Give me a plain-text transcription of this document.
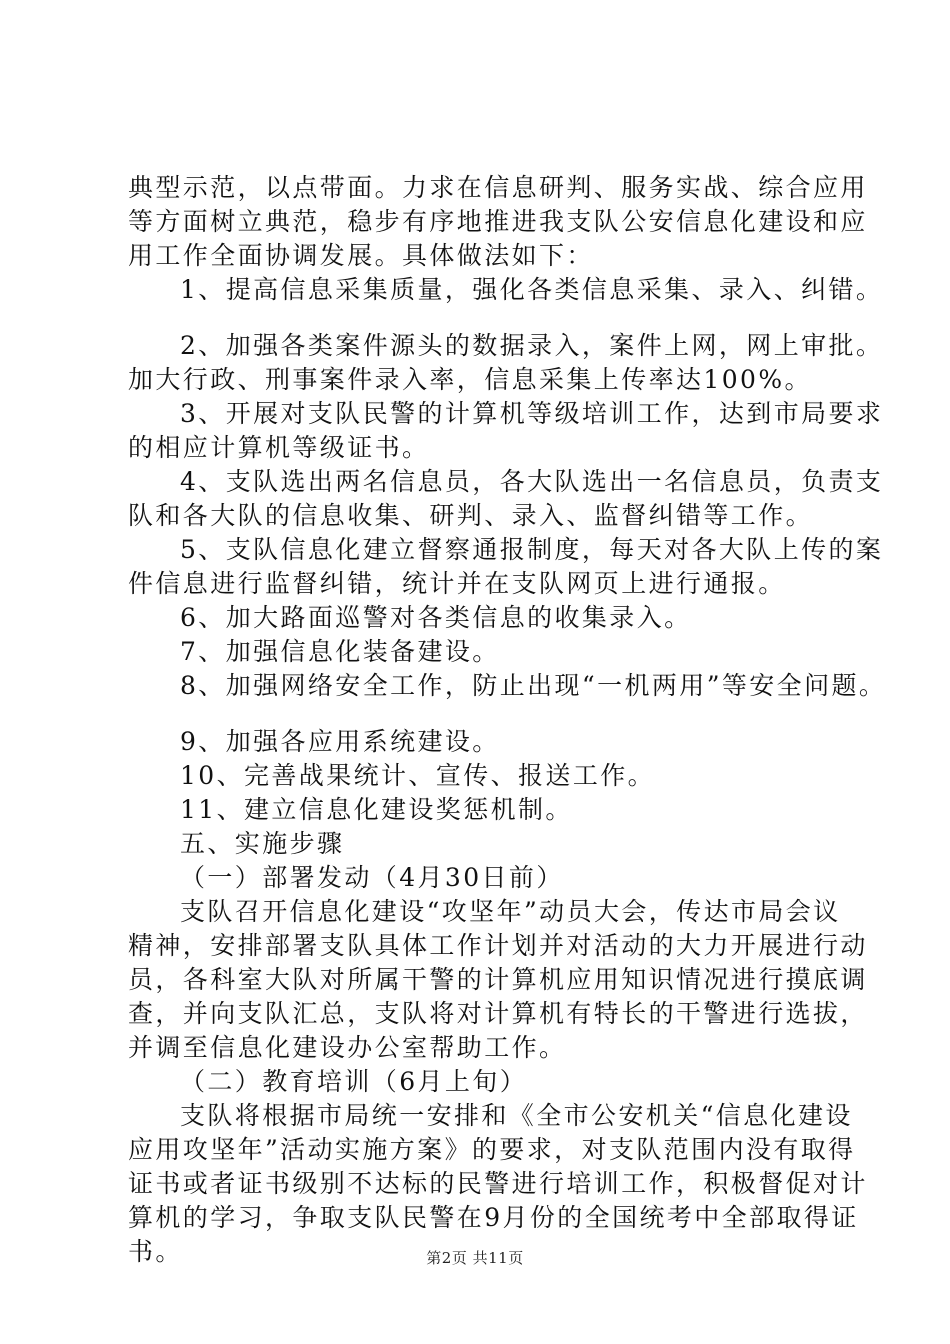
典型示范，以点带面。力求在信息研判、服务实战、综合应用
等方面树立典范，稳步有序地推进我支队公安信息化建设和应
用工作全面协调发展。具体做法如下：
1、提高信息采集质量，强化各类信息采集、录入、纠错。
2、加强各类案件源头的数据录入，案件上网，网上审批。
加大行政、刑事案件录入率，信息采集上传率达100%。
3、开展对支队民警的计算机等级培训工作，达到市局要求
的相应计算机等级证书。
4、支队选出两名信息员，各大队选出一名信息员，负责支
队和各大队的信息收集、研判、录入、监督纠错等工作。
5、支队信息化建立督察通报制度，每天对各大队上传的案
件信息进行监督纠错，统计并在支队网页上进行通报。
6、加大路面巡警对各类信息的收集录入。
7、加强信息化装备建设。
8、加强网络安全工作，防止出现“一机两用”等安全问题。
9、加强各应用系统建设。
10、完善战果统计、宣传、报送工作。
11、建立信息化建设奖惩机制。
五、实施步骤
（一）部署发动（4月30日前）
支队召开信息化建设“攻坚年”动员大会，传达市局会议
精神，安排部署支队具体工作计划并对活动的大力开展进行动
员，各科室大队对所属干警的计算机应用知识情况进行摸底调
查，并向支队汇总，支队将对计算机有特长的干警进行选拔，
并调至信息化建设办公室帮助工作。
（二）教育培训（6月上旬）
支队将根据市局统一安排和《全市公安机关“信息化建设
应用攻坚年”活动实施方案》的要求，对支队范围内没有取得
证书或者证书级别不达标的民警进行培训工作，积极督促对计
算机的学习，争取支队民警在9月份的全国统考中全部取得证
书。	第2页 共11页
